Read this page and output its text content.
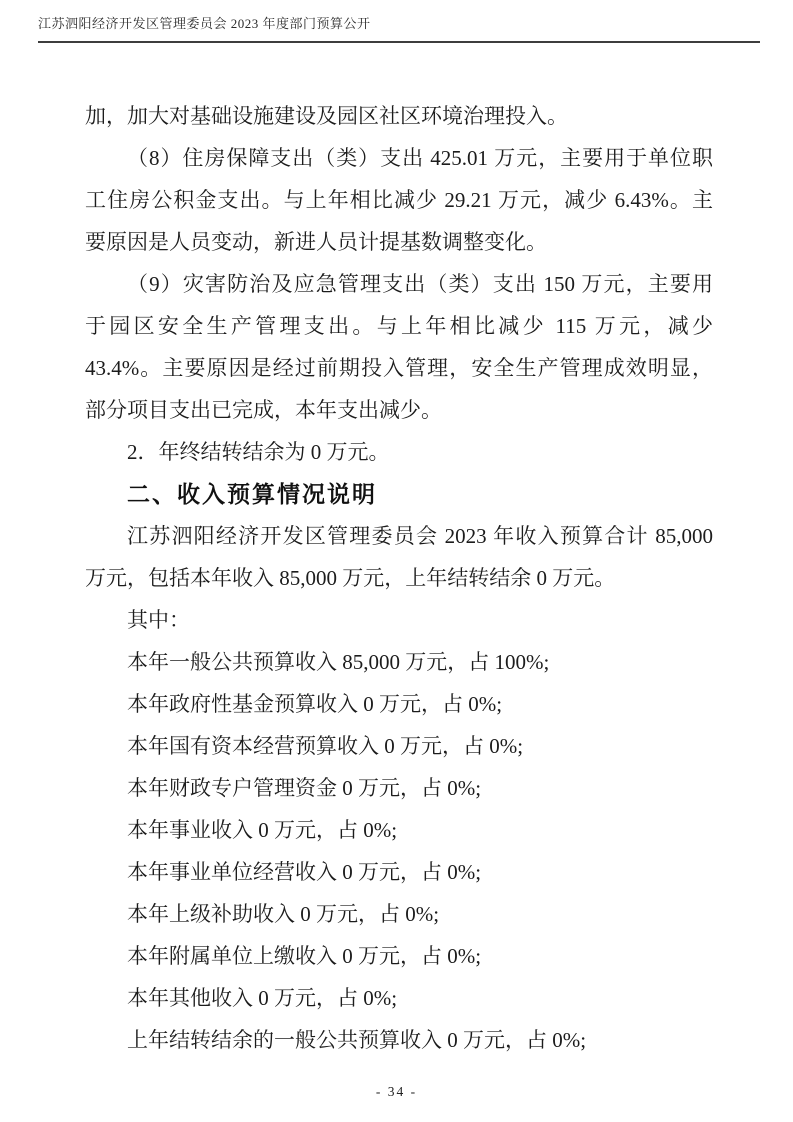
江苏泗阳经济开发区管理委员会 2023 年度部门预算公开
加，加大对基础设施建设及园区社区环境治理投入。
（8）住房保障支出（类）支出 425.01 万元，主要用于单位职
工住房公积金支出。与上年相比减少 29.21 万元，减少 6.43%。主
要原因是人员变动，新进人员计提基数调整变化。
（9）灾害防治及应急管理支出（类）支出 150 万元，主要用
于园区安全生产管理支出。与上年相比减少 115 万元，减少
43.4%。主要原因是经过前期投入管理，安全生产管理成效明显，
部分项目支出已完成，本年支出减少。
2．年终结转结余为 0 万元。
二、收入预算情况说明
江苏泗阳经济开发区管理委员会 2023 年收入预算合计 85,000
万元，包括本年收入 85,000 万元，上年结转结余 0 万元。
其中：
本年一般公共预算收入 85,000 万元，占 100%;
本年政府性基金预算收入 0 万元，占 0%;
本年国有资本经营预算收入 0 万元，占 0%;
本年财政专户管理资金 0 万元，占 0%;
本年事业收入 0 万元，占 0%;
本年事业单位经营收入 0 万元，占 0%;
本年上级补助收入 0 万元，占 0%;
本年附属单位上缴收入 0 万元，占 0%;
本年其他收入 0 万元，占 0%;
上年结转结余的一般公共预算收入 0 万元，占 0%;
- 34 -
